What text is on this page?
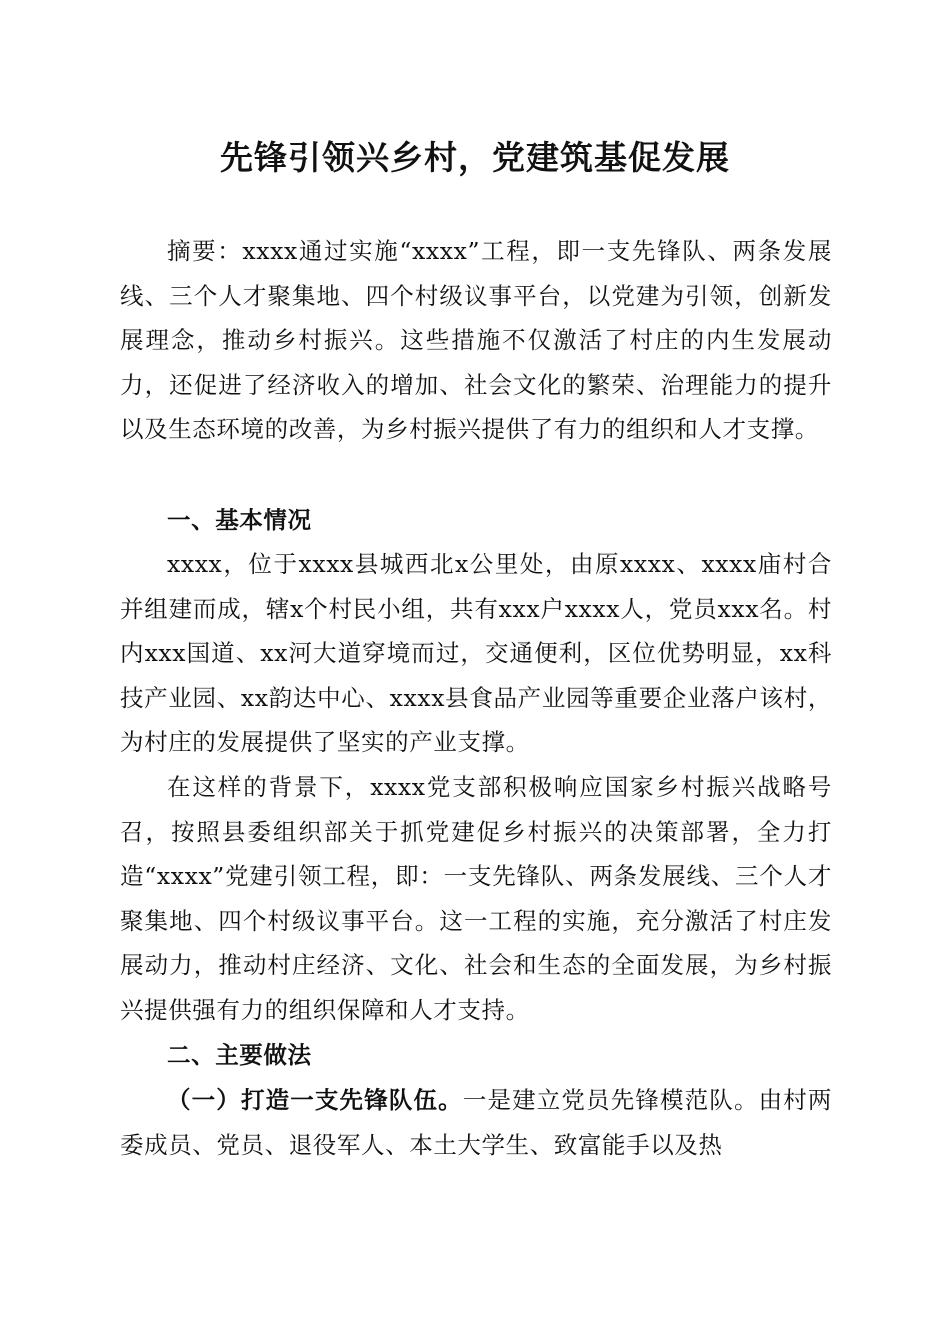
先锋引领兴乡村，党建筑基促发展

摘要：xxxx通过实施“xxxx”工程，即一支先锋队、两条发展线、三个人才聚集地、四个村级议事平台，以党建为引领，创新发展理念，推动乡村振兴。这些措施不仅激活了村庄的内生发展动力，还促进了经济收入的增加、社会文化的繁荣、治理能力的提升以及生态环境的改善，为乡村振兴提供了有力的组织和人才支撑。

一、基本情况

xxxx，位于xxxx县城西北x公里处，由原xxxx、xxxx庙村合并组建而成，辖x个村民小组，共有xxx户xxxx人，党员xxx名。村内xxx国道、xx河大道穿境而过，交通便利，区位优势明显，xx科技产业园、xx韵达中心、xxxx县食品产业园等重要企业落户该村，为村庄的发展提供了坚实的产业支撑。

在这样的背景下，xxxx党支部积极响应国家乡村振兴战略号召，按照县委组织部关于抓党建促乡村振兴的决策部署，全力打造“xxxx”党建引领工程，即：一支先锋队、两条发展线、三个人才聚集地、四个村级议事平台。这一工程的实施，充分激活了村庄发展动力，推动村庄经济、文化、社会和生态的全面发展，为乡村振兴提供强有力的组织保障和人才支持。

二、主要做法

（一）打造一支先锋队伍。一是建立党员先锋模范队。由村两委成员、党员、退役军人、本土大学生、致富能手以及热
